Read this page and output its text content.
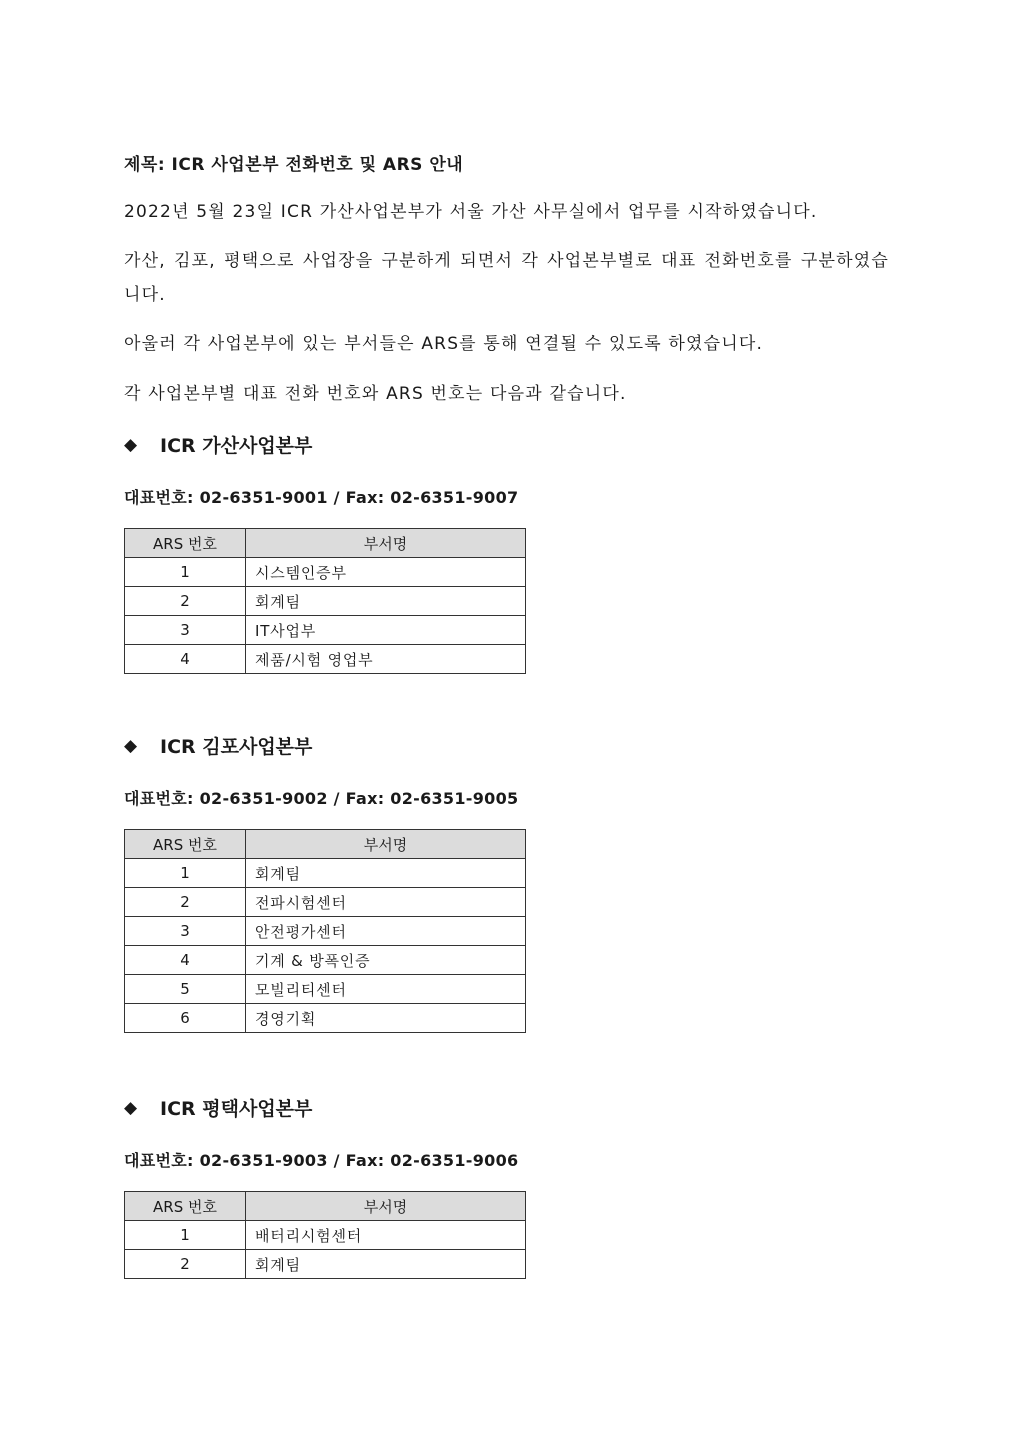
제목: ICR 사업본부 전화번호 및 ARS 안내
2022년 5월 23일 ICR 가산사업본부가 서울 가산 사무실에서 업무를 시작하였습니다.
가산, 김포, 평택으로 사업장을 구분하게 되면서 각 사업본부별로 대표 전화번호를 구분하였습니다.
아울러 각 사업본부에 있는 부서들은 ARS를 통해 연결될 수 있도록 하였습니다.
각 사업본부별 대표 전화 번호와 ARS 번호는 다음과 같습니다.
◆	ICR 가산사업본부
대표번호: 02-6351-9001 / Fax: 02-6351-9007
ARS 번호	부서명
1	시스템인증부
2	회계팀
3	IT사업부
4	제품/시험 영업부
◆	ICR 김포사업본부
대표번호: 02-6351-9002 / Fax: 02-6351-9005
ARS 번호	부서명
1	회계팀
2	전파시험센터
3	안전평가센터
4	기계 & 방폭인증
5	모빌리티센터
6	경영기획
◆	ICR 평택사업본부
대표번호: 02-6351-9003 / Fax: 02-6351-9006
ARS 번호	부서명
1	배터리시험센터
2	회계팀
